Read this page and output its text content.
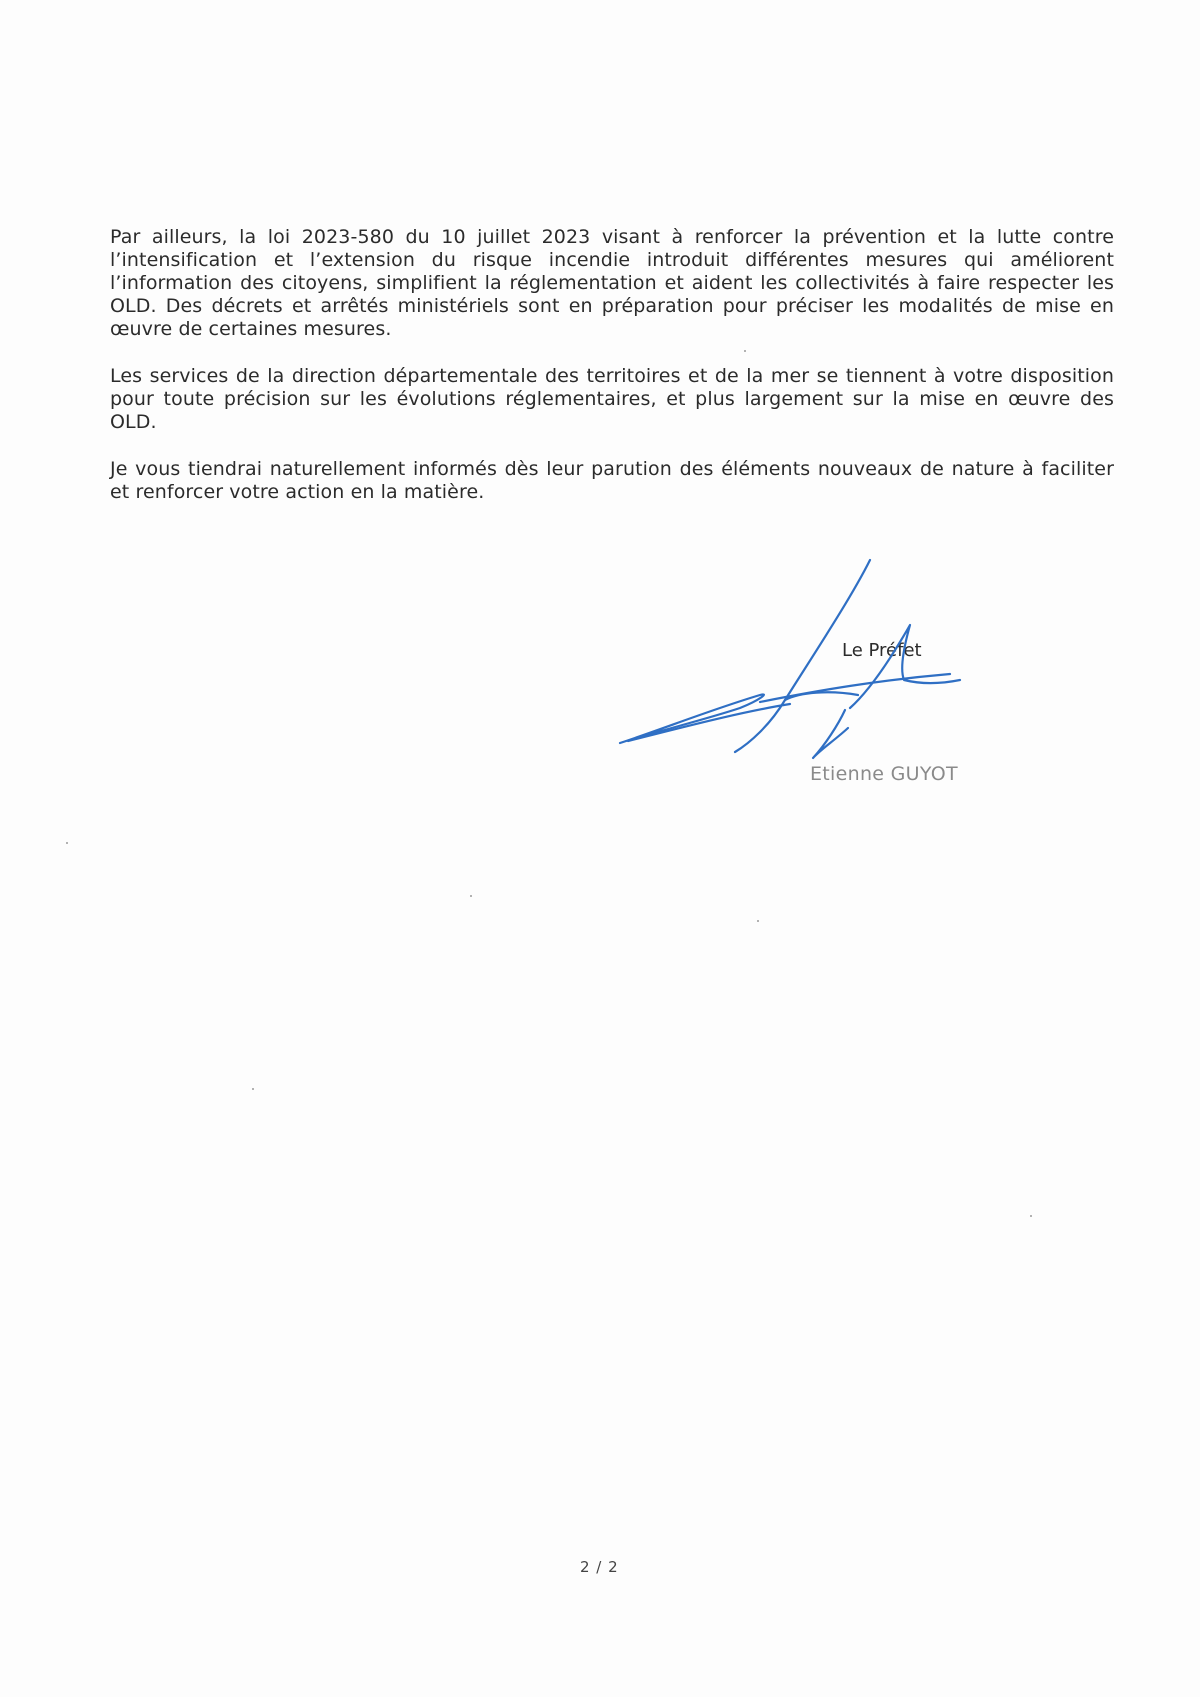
Par ailleurs, la loi 2023-580 du 10 juillet 2023 visant à renforcer la prévention et la lutte contre l’intensification et l’extension du risque incendie introduit différentes mesures qui améliorent l’information des citoyens, simplifient la réglementation et aident les collectivités à faire respecter les OLD. Des décrets et arrêtés ministériels sont en préparation pour préciser les modalités de mise en œuvre de certaines mesures.

Les services de la direction départementale des territoires et de la mer se tiennent à votre disposition pour toute précision sur les évolutions réglementaires, et plus largement sur la mise en œuvre des OLD.

Je vous tiendrai naturellement informés dès leur parution des éléments nouveaux de nature à faciliter et renforcer votre action en la matière.

Le Préfet
Etienne GUYOT
2 / 2
